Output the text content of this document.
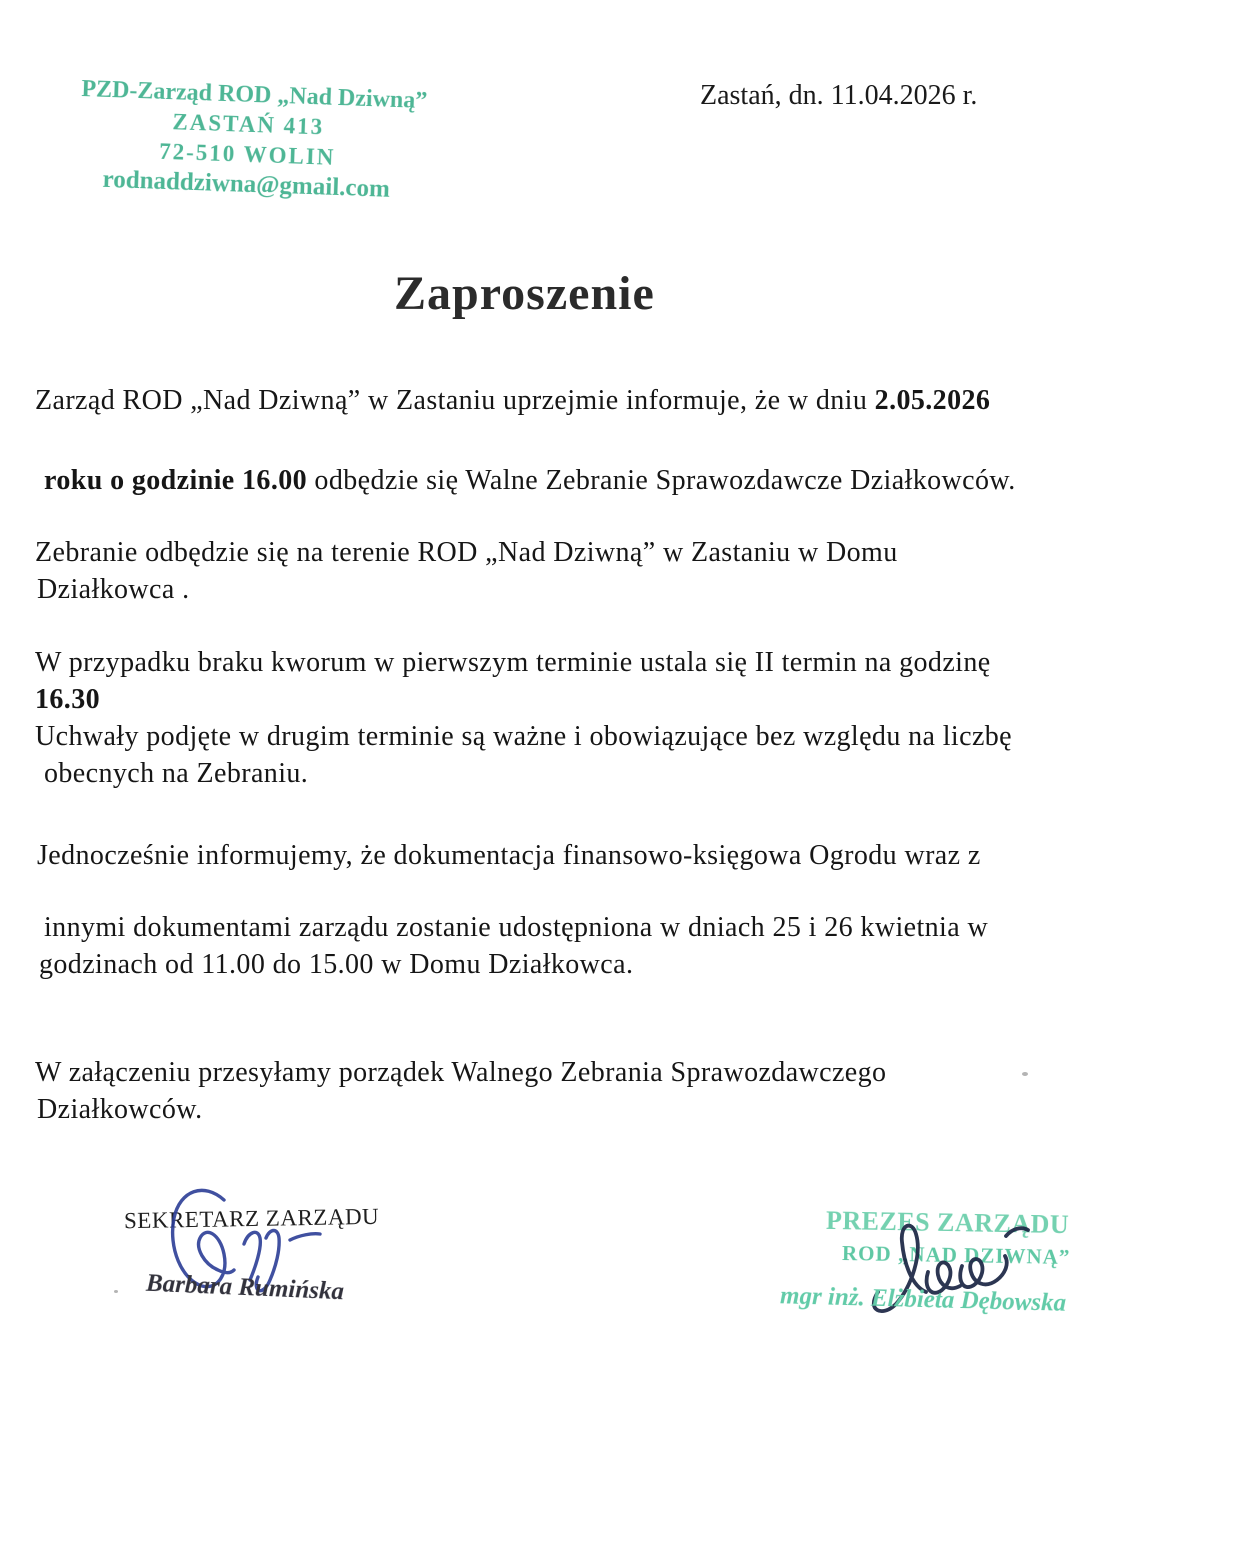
PZD-Zarząd ROD „Nad Dziwną”
ZASTAŃ 413
72-510 WOLIN
rodnaddziwna@gmail.com
Zastań, dn. 11.04.2026 r.
Zaproszenie
Zarząd ROD „Nad Dziwną” w Zastaniu uprzejmie informuje, że w dniu 2.05.2026
roku o godzinie 16.00 odbędzie się Walne Zebranie Sprawozdawcze Działkowców.
Zebranie odbędzie się na terenie ROD „Nad Dziwną” w Zastaniu w Domu
Działkowca .
W przypadku braku kworum w pierwszym terminie ustala się II termin na godzinę
16.30
Uchwały podjęte w drugim terminie są ważne i obowiązujące bez względu na liczbę
obecnych na Zebraniu.
Jednocześnie informujemy, że dokumentacja finansowo-księgowa Ogrodu wraz z
innymi dokumentami zarządu zostanie udostępniona w dniach 25 i 26 kwietnia w
godzinach od 11.00 do 15.00 w Domu Działkowca.
W załączeniu przesyłamy porządek Walnego Zebrania Sprawozdawczego
Działkowców.
SEKRETARZ ZARZĄDU
Barbara Rumińska
PREZES ZARZĄDU
ROD „NAD DZIWNĄ”
mgr inż. Elżbieta Dębowska
